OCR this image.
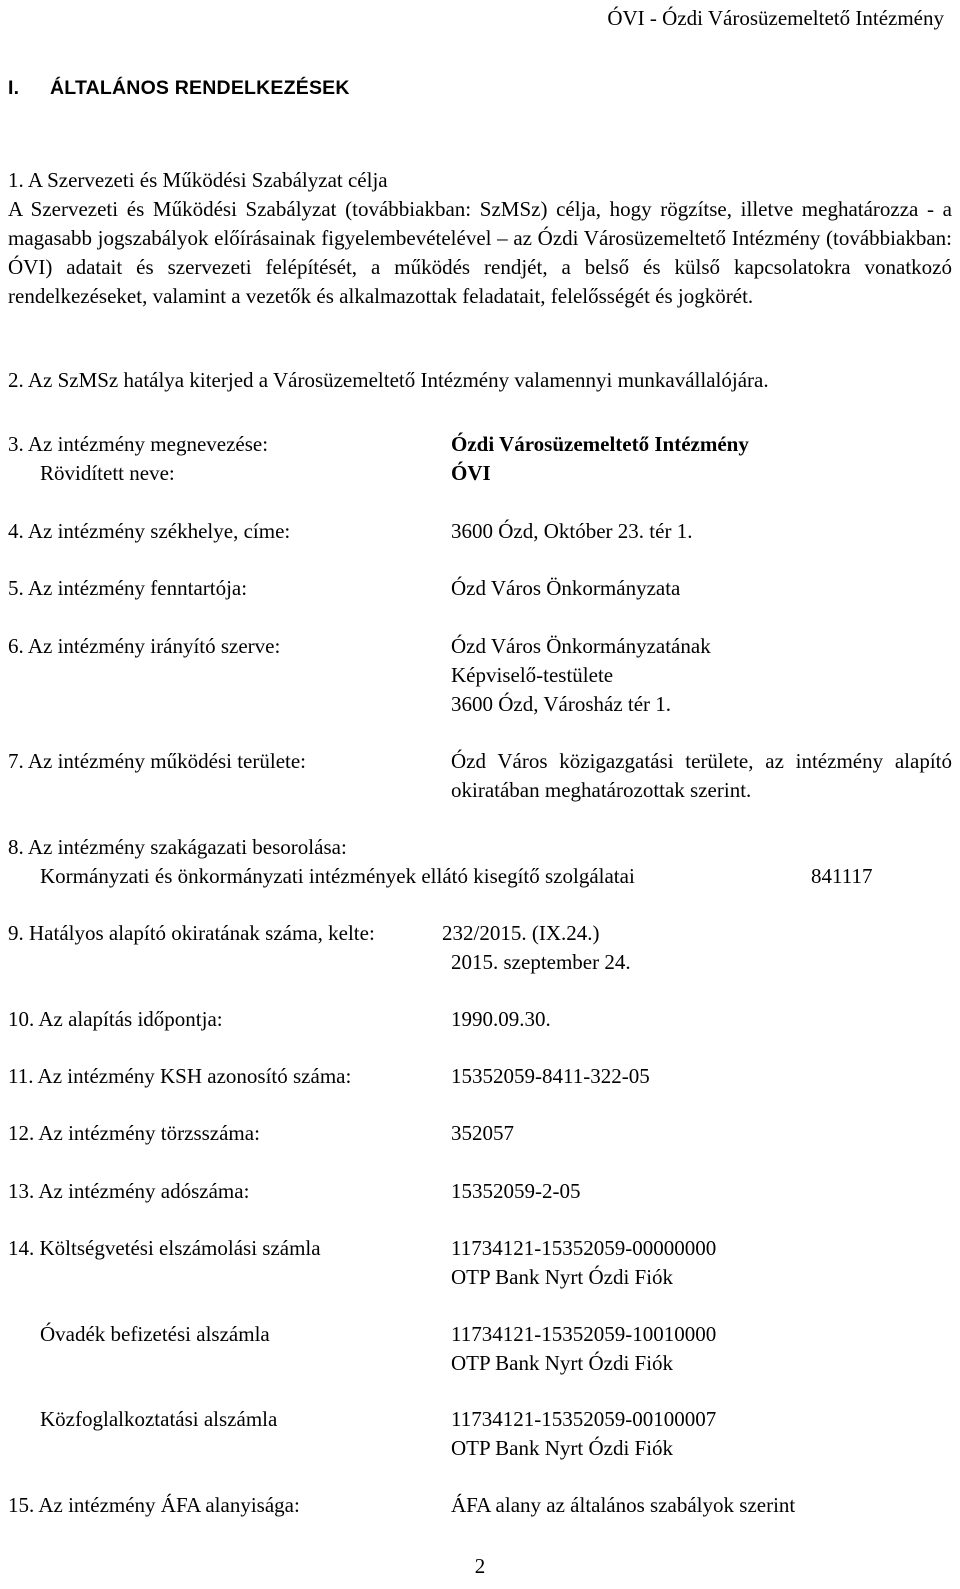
ÓVI - Ózdi Városüzemeltető Intézmény
I. ÁLTALÁNOS RENDELKEZÉSEK
1. A Szervezeti és Működési Szabályzat célja
A Szervezeti és Működési Szabályzat (továbbiakban: SzMSz) célja, hogy rögzítse, illetve meghatározza - a magasabb jogszabályok előírásainak figyelembevételével – az Ózdi Városüzemeltető Intézmény (továbbiakban: ÓVI) adatait és szervezeti felépítését, a működés rendjét, a belső és külső kapcsolatokra vonatkozó rendelkezéseket, valamint a vezetők és alkalmazottak feladatait, felelősségét és jogkörét.
2. Az SzMSz hatálya kiterjed a Városüzemeltető Intézmény valamennyi munkavállalójára.
3. Az intézmény megnevezése:	Ózdi Városüzemeltető Intézmény
Rövidített neve:	ÓVI
4. Az intézmény székhelye, címe:	3600 Ózd, Október 23. tér 1.
5. Az intézmény fenntartója:	Ózd Város Önkormányzata
6. Az intézmény irányító szerve:	Ózd Város Önkormányzatának
Képviselő-testülete
3600 Ózd, Városház tér 1.
7. Az intézmény működési területe:	Ózd Város közigazgatási területe, az intézmény alapító okiratában meghatározottak szerint.
8. Az intézmény szakágazati besorolása:
Kormányzati és önkormányzati intézmények ellátó kisegítő szolgálatai	841117
9. Hatályos alapító okiratának száma, kelte:	232/2015. (IX.24.)
2015. szeptember 24.
10. Az alapítás időpontja:	1990.09.30.
11. Az intézmény KSH azonosító száma:	15352059-8411-322-05
12. Az intézmény törzsszáma:	352057
13. Az intézmény adószáma:	15352059-2-05
14. Költségvetési elszámolási számla	11734121-15352059-00000000
OTP Bank Nyrt Ózdi Fiók
Óvadék befizetési alszámla	11734121-15352059-10010000
OTP Bank Nyrt Ózdi Fiók
Közfoglalkoztatási alszámla	11734121-15352059-00100007
OTP Bank Nyrt Ózdi Fiók
15. Az intézmény ÁFA alanyisága:	ÁFA alany az általános szabályok szerint
2
